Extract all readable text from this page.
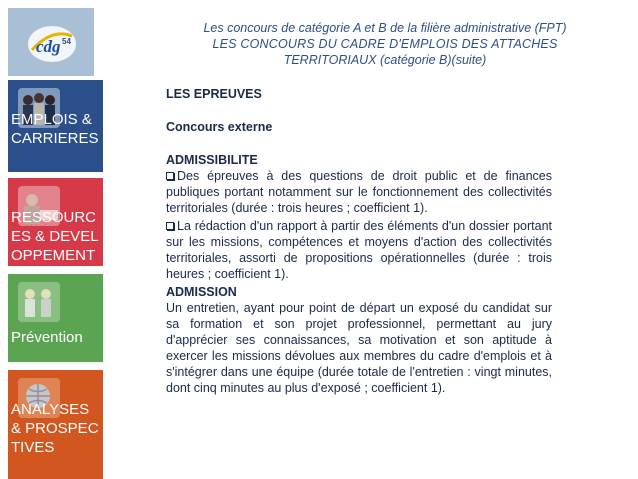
cdg 54
EMPLOIS & CARRIERES
RESSOURCES & DEVELOPPEMENT
Prévention
ANALYSES & PROSPECTIVES
Les concours de catégorie A et B de la filière administrative (FPT)
LES CONCOURS DU CADRE D'EMPLOIS DES ATTACHES
TERRITORIAUX (catégorie B)(suite)
LES EPREUVES
Concours externe
ADMISSIBILITE
Des épreuves à des questions de droit public et de finances publiques portant notamment sur le fonctionnement des collectivités territoriales (durée : trois heures ; coefficient 1).
La rédaction d'un rapport à partir des éléments d'un dossier portant sur les missions, compétences et moyens d'action des collectivités territoriales, assorti de propositions opérationnelles (durée : trois heures ; coefficient 1).
ADMISSION
Un entretien, ayant pour point de départ un exposé du candidat sur sa formation et son projet professionnel, permettant au jury d'apprécier ses connaissances, sa motivation et son aptitude à exercer les missions dévolues aux membres du cadre d'emplois et à s'intégrer dans une équipe (durée totale de l'entretien : vingt minutes, dont cinq minutes au plus d'exposé ; coefficient 1).
